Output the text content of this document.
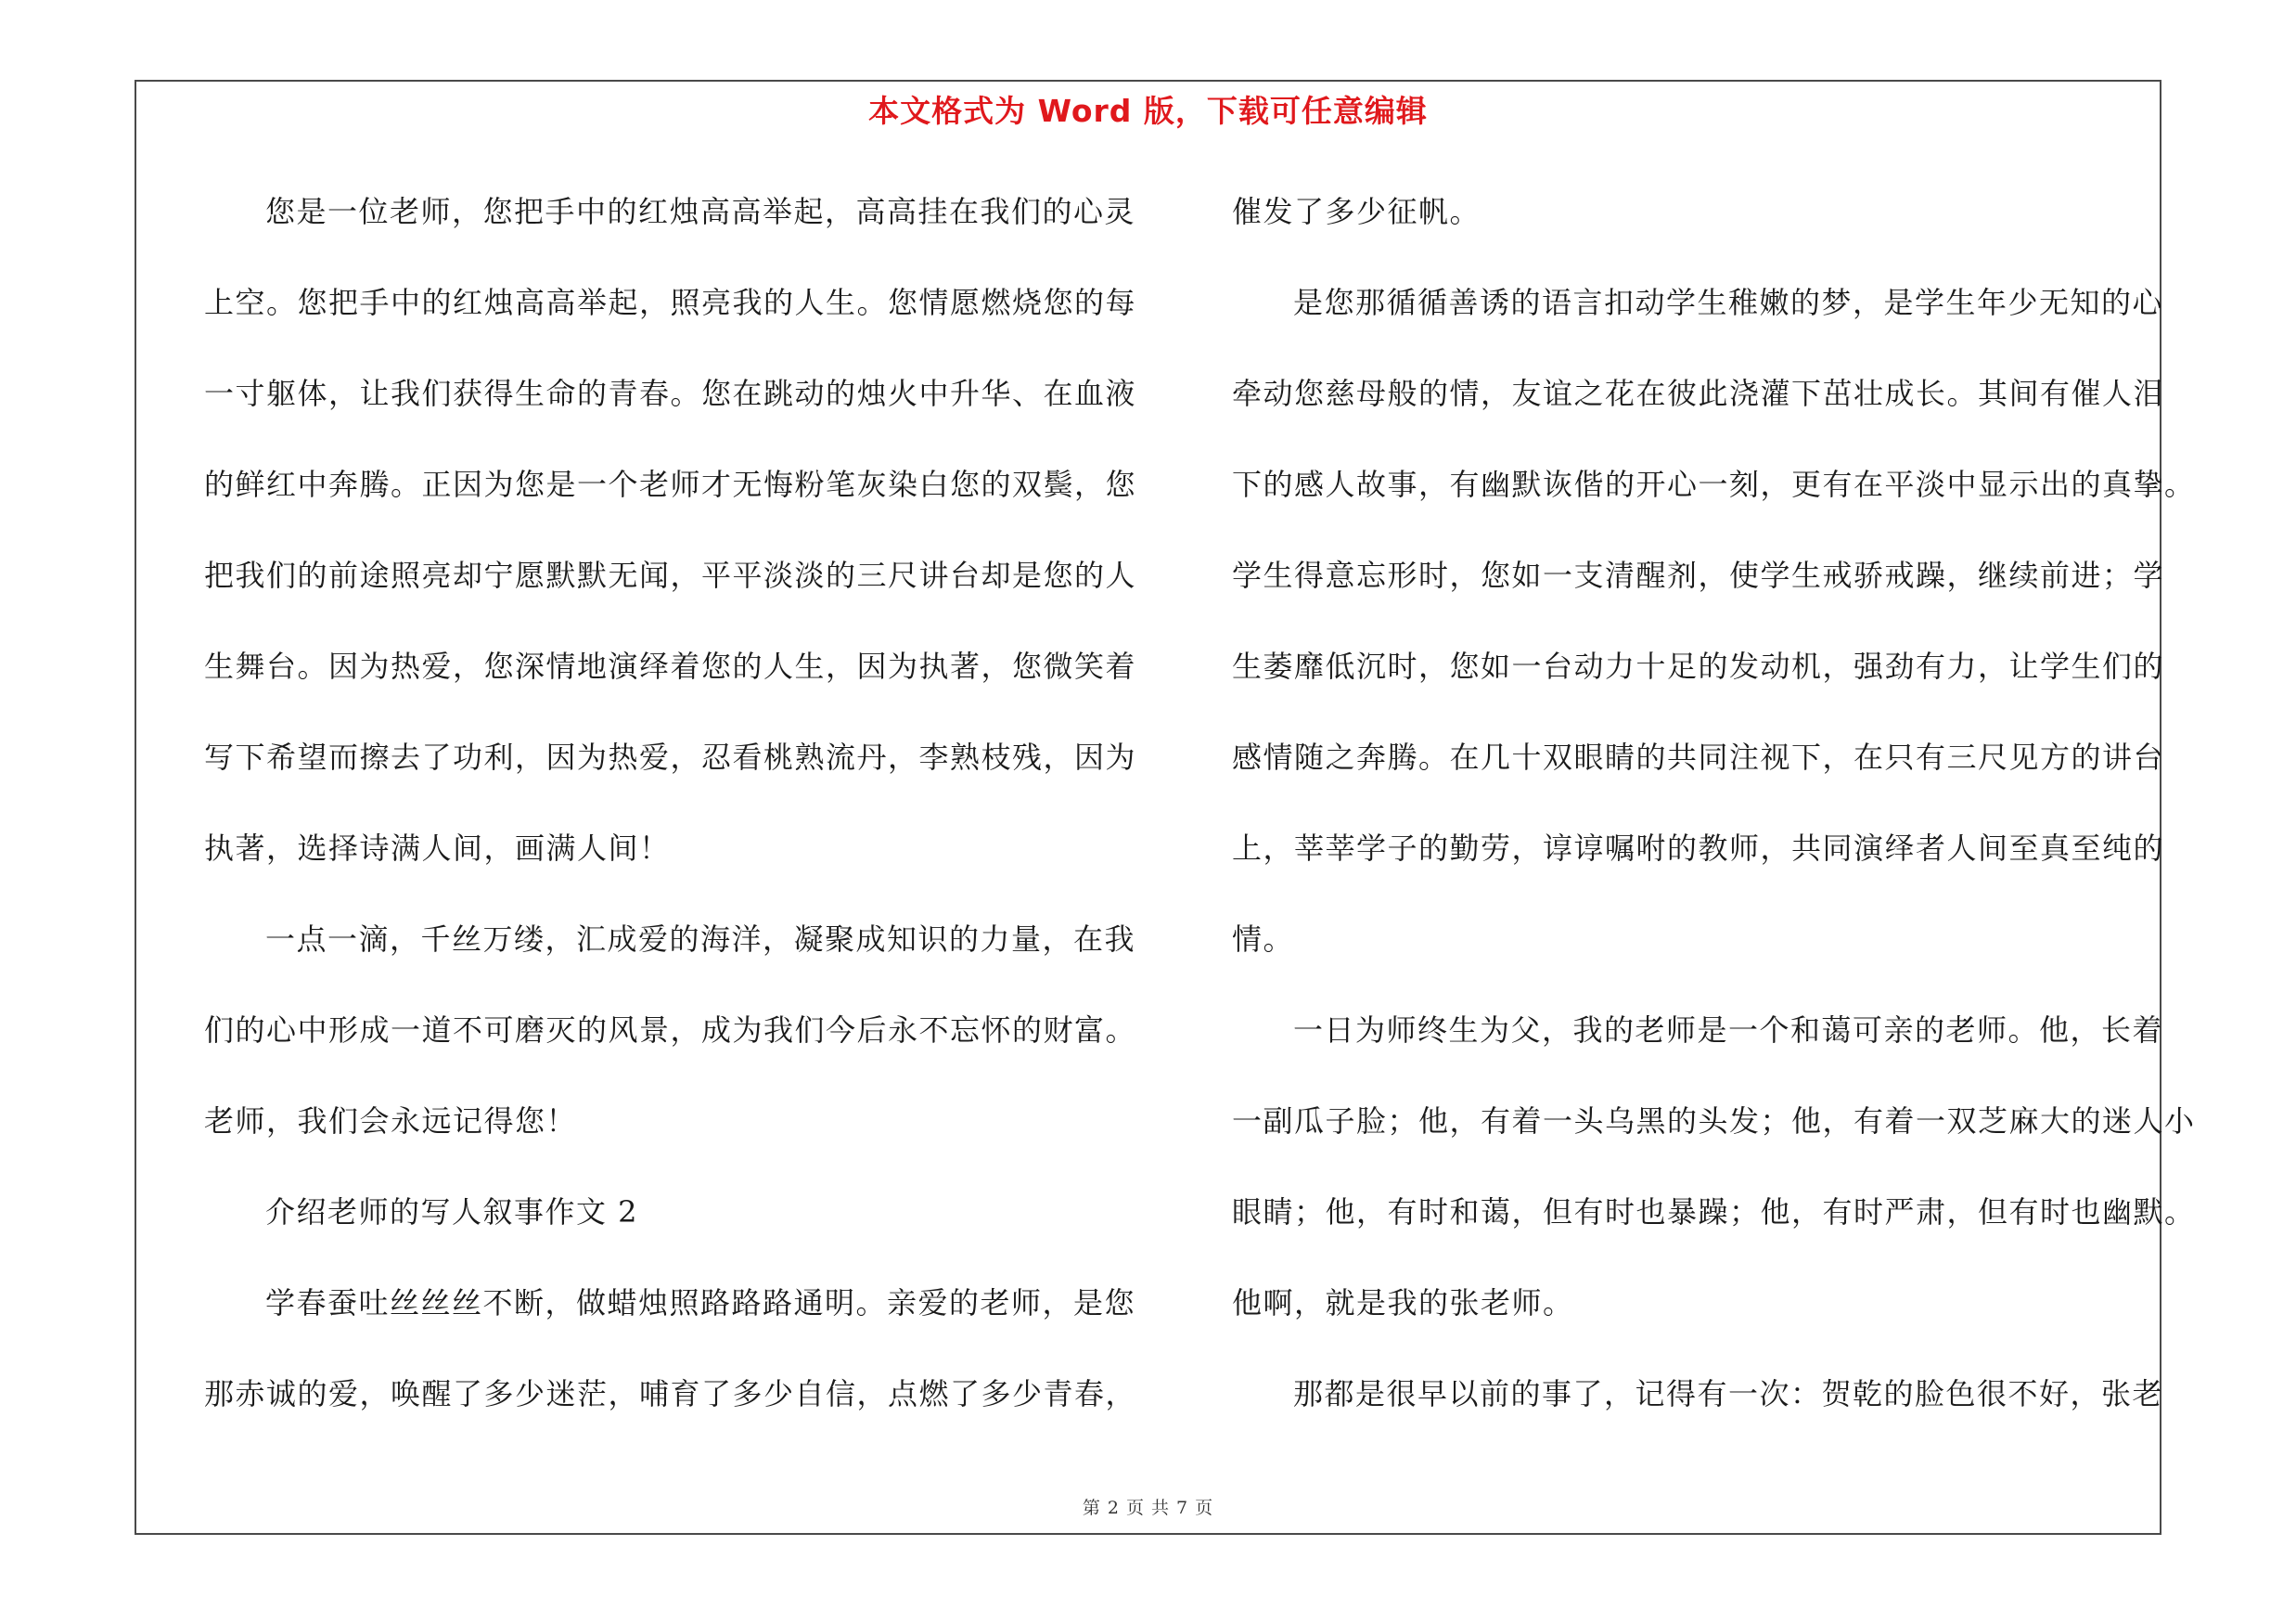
本文格式为 Word 版，下载可任意编辑
您是一位老师，您把手中的红烛高高举起，高高挂在我们的心灵
上空。您把手中的红烛高高举起，照亮我的人生。您情愿燃烧您的每
一寸躯体，让我们获得生命的青春。您在跳动的烛火中升华、在血液
的鲜红中奔腾。正因为您是一个老师才无悔粉笔灰染白您的双鬓，您
把我们的前途照亮却宁愿默默无闻，平平淡淡的三尺讲台却是您的人
生舞台。因为热爱，您深情地演绎着您的人生，因为执著，您微笑着
写下希望而擦去了功利，因为热爱，忍看桃熟流丹，李熟枝残，因为
执著，选择诗满人间，画满人间！
一点一滴，千丝万缕，汇成爱的海洋，凝聚成知识的力量，在我
们的心中形成一道不可磨灭的风景，成为我们今后永不忘怀的财富。
老师，我们会永远记得您！
介绍老师的写人叙事作文 2
学春蚕吐丝丝丝不断，做蜡烛照路路路通明。亲爱的老师，是您
那赤诚的爱，唤醒了多少迷茫，哺育了多少自信，点燃了多少青春，
催发了多少征帆。
是您那循循善诱的语言扣动学生稚嫩的梦，是学生年少无知的心
牵动您慈母般的情，友谊之花在彼此浇灌下茁壮成长。其间有催人泪
下的感人故事，有幽默诙偕的开心一刻，更有在平淡中显示出的真挚。
学生得意忘形时，您如一支清醒剂，使学生戒骄戒躁，继续前进；学
生萎靡低沉时，您如一台动力十足的发动机，强劲有力，让学生们的
感情随之奔腾。在几十双眼睛的共同注视下，在只有三尺见方的讲台
上，莘莘学子的勤劳，谆谆嘱咐的教师，共同演绎者人间至真至纯的
情。
一日为师终生为父，我的老师是一个和蔼可亲的老师。他，长着
一副瓜子脸；他，有着一头乌黑的头发；他，有着一双芝麻大的迷人小
眼睛；他，有时和蔼，但有时也暴躁；他，有时严肃，但有时也幽默。
他啊，就是我的张老师。
那都是很早以前的事了，记得有一次：贺乾的脸色很不好，张老
第 2 页 共 7 页
